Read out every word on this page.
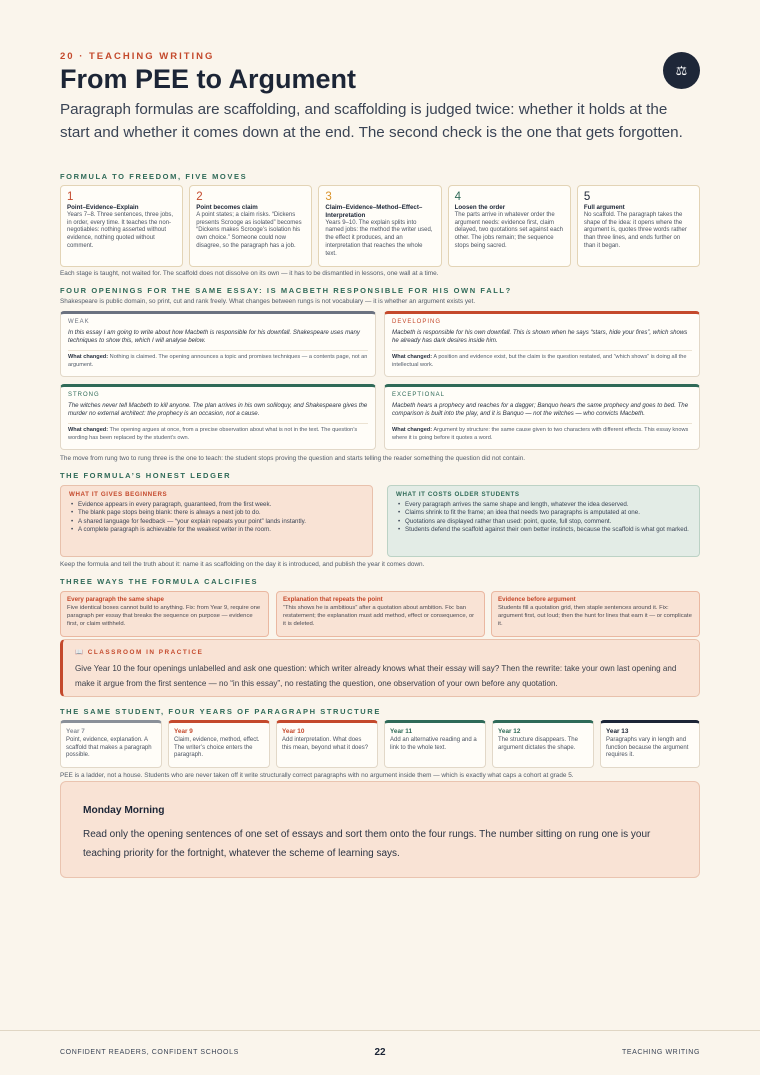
20 · TEACHING WRITING
From PEE to Argument	⚖

Paragraph formulas are scaffolding, and scaffolding is judged twice: whether it holds at the start and whether it comes down at the end. The second check is the one that gets forgotten.

FORMULA TO FREEDOM, FIVE MOVES
1
Point–Evidence–Explain
Years 7–8. Three sentences, three jobs, in order, every time. It teaches the non-negotiables: nothing asserted without evidence, nothing quoted without comment.
2
Point becomes claim
A point states; a claim risks. “Dickens presents Scrooge as isolated” becomes “Dickens makes Scrooge’s isolation his own choice.” Someone could now disagree, so the paragraph has a job.
3
Claim–Evidence–Method–Effect–Interpretation
Years 9–10. The explain splits into named jobs: the method the writer used, the effect it produces, and an interpretation that reaches the whole text.
4
Loosen the order
The parts arrive in whatever order the argument needs: evidence first, claim delayed, two quotations set against each other. The jobs remain; the sequence stops being sacred.
5
Full argument
No scaffold. The paragraph takes the shape of the idea: it opens where the argument is, quotes three words rather than three lines, and ends further on than it began.
Each stage is taught, not waited for. The scaffold does not dissolve on its own — it has to be dismantled in lessons, one wall at a time.
FOUR OPENINGS FOR THE SAME ESSAY: IS MACBETH RESPONSIBLE FOR HIS OWN FALL?
Shakespeare is public domain, so print, cut and rank freely. What changes between rungs is not vocabulary — it is whether an argument exists yet.
WEAK
In this essay I am going to write about how Macbeth is responsible for his downfall. Shakespeare uses many techniques to show this, which I will analyse below.
What changed: Nothing is claimed. The opening announces a topic and promises techniques — a contents page, not an argument.
DEVELOPING
Macbeth is responsible for his own downfall. This is shown when he says “stars, hide your fires”, which shows he already has dark desires inside him.
What changed: A position and evidence exist, but the claim is the question restated, and “which shows” is doing all the intellectual work.
STRONG
The witches never tell Macbeth to kill anyone. The plan arrives in his own soliloquy, and Shakespeare gives the murder no external architect: the prophecy is an occasion, not a cause.
What changed: The opening argues at once, from a precise observation about what is not in the text. The question’s wording has been replaced by the student’s own.
EXCEPTIONAL
Macbeth hears a prophecy and reaches for a dagger; Banquo hears the same prophecy and goes to bed. The comparison is built into the play, and it is Banquo — not the witches — who convicts Macbeth.
What changed: Argument by structure: the same cause given to two characters with different effects. This essay knows where it is going before it quotes a word.
The move from rung two to rung three is the one to teach: the student stops proving the question and starts telling the reader something the question did not contain.
THE FORMULA’S HONEST LEDGER
WHAT IT GIVES BEGINNERS
• Evidence appears in every paragraph, guaranteed, from the first week.
• The blank page stops being blank: there is always a next job to do.
• A shared language for feedback — “your explain repeats your point” lands instantly.
• A complete paragraph is achievable for the weakest writer in the room.
WHAT IT COSTS OLDER STUDENTS
• Every paragraph arrives the same shape and length, whatever the idea deserved.
• Claims shrink to fit the frame; an idea that needs two paragraphs is amputated at one.
• Quotations are displayed rather than used: point, quote, full stop, comment.
• Students defend the scaffold against their own better instincts, because the scaffold is what got marked.
Keep the formula and tell the truth about it: name it as scaffolding on the day it is introduced, and publish the year it comes down.
THREE WAYS THE FORMULA CALCIFIES
Every paragraph the same shape
Five identical boxes cannot build to anything. Fix: from Year 9, require one paragraph per essay that breaks the sequence on purpose — evidence first, or claim withheld.
Explanation that repeats the point
“This shows he is ambitious” after a quotation about ambition. Fix: ban restatement; the explanation must add method, effect or consequence, or it is deleted.
Evidence before argument
Students fill a quotation grid, then staple sentences around it. Fix: argument first, out loud; then the hunt for lines that earn it — or complicate it.
📖 CLASSROOM IN PRACTICE
Give Year 10 the four openings unlabelled and ask one question: which writer already knows what their essay will say? Then the rewrite: take your own last opening and make it argue from the first sentence — no “in this essay”, no restating the question, one observation of your own before any quotation.
THE SAME STUDENT, FOUR YEARS OF PARAGRAPH STRUCTURE
Year 7
Point, evidence, explanation. A scaffold that makes a paragraph possible.
Year 9
Claim, evidence, method, effect. The writer’s choice enters the paragraph.
Year 10
Add interpretation. What does this mean, beyond what it does?
Year 11
Add an alternative reading and a link to the whole text.
Year 12
The structure disappears. The argument dictates the shape.
Year 13
Paragraphs vary in length and function because the argument requires it.
PEE is a ladder, not a house. Students who are never taken off it write structurally correct paragraphs with no argument inside them — which is exactly what caps a cohort at grade 5.
Monday Morning
Read only the opening sentences of one set of essays and sort them onto the four rungs. The number sitting on rung one is your teaching priority for the fortnight, whatever the scheme of learning says.
CONFIDENT READERS, CONFIDENT SCHOOLS	22	TEACHING WRITING
